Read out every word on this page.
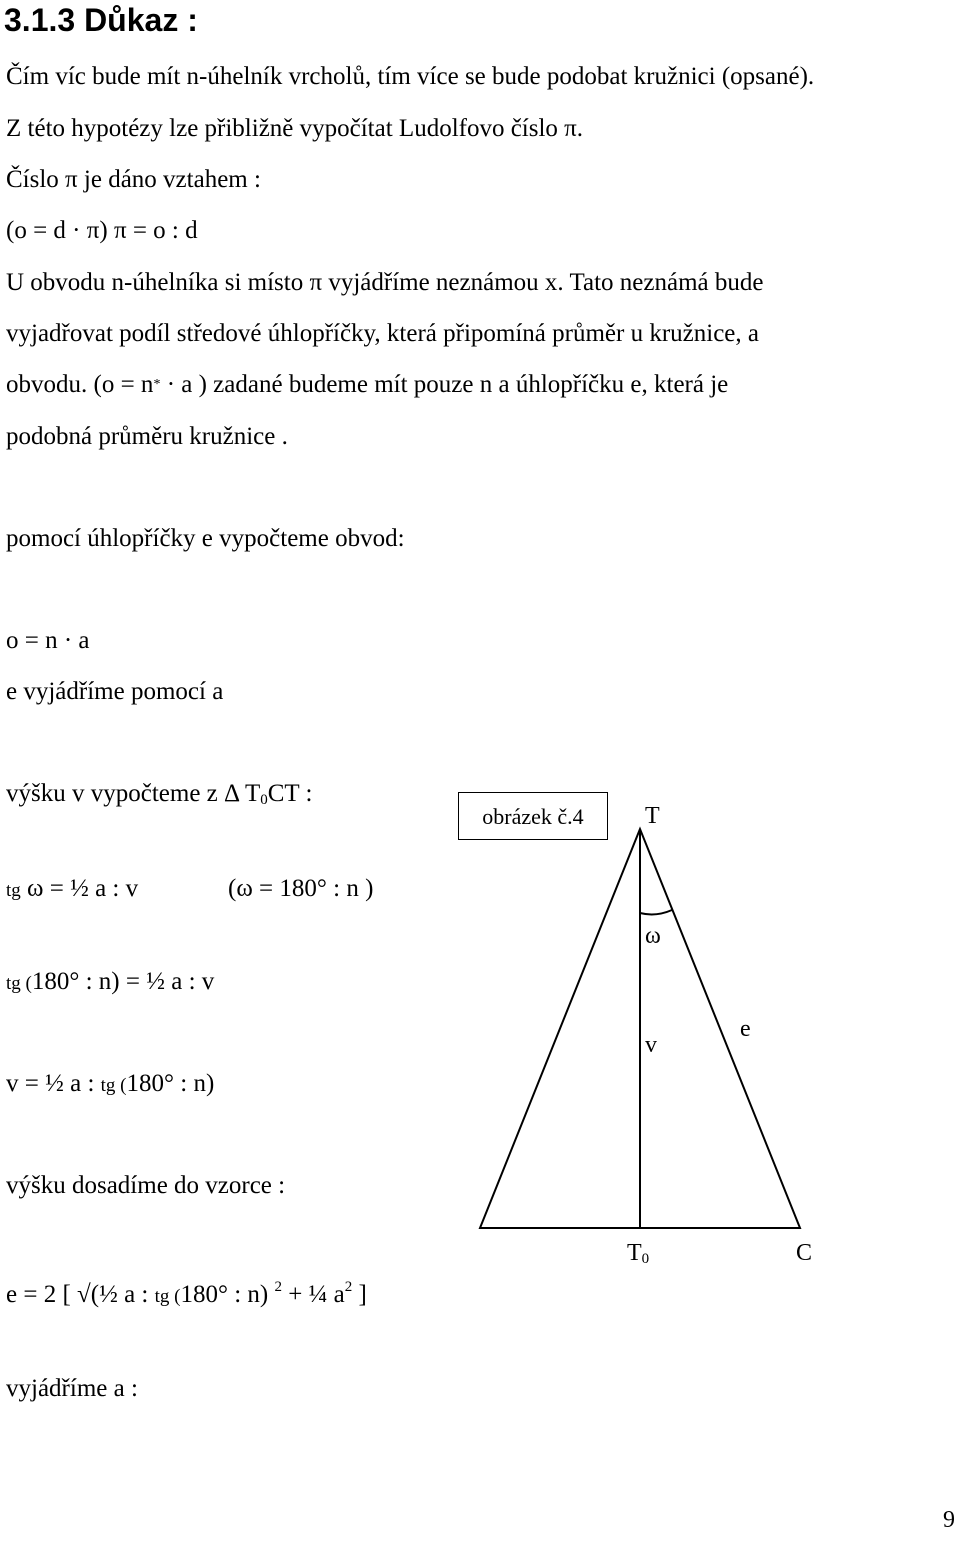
3.1.3 Důkaz :
Čím víc bude mít n-úhelník vrcholů, tím více se bude podobat kružnici (opsané).
Z této hypotézy lze přibližně vypočítat Ludolfovo číslo π.
Číslo π je dáno vztahem :
(o = d · π) π = o : d
U obvodu n-úhelníka si místo π vyjádříme neznámou x. Tato neznámá bude
vyjadřovat podíl středové úhlopříčky, která připomíná průměr u kružnice, a
obvodu. (o = n* · a ) zadané budeme mít pouze n a úhlopříčku e, která je
podobná průměru kružnice .
pomocí úhlopříčky e vypočteme obvod:
o = n · a
e vyjádříme pomocí a
výšku v vypočteme z Δ $T_0CT$ :
tg ω = ½ a : v	(ω = 180° : n )
tg (180° : n) = ½ a : v
v = ½ a : tg (180° : n)
výšku dosadíme do vzorce :
e = 2 [ √(½ a : tg (180° : n) $^2$ + ¼ $a^2$ ]
vyjádříme a :
obrázek č.4	T
ω
v
e
$T_0$	C
9
